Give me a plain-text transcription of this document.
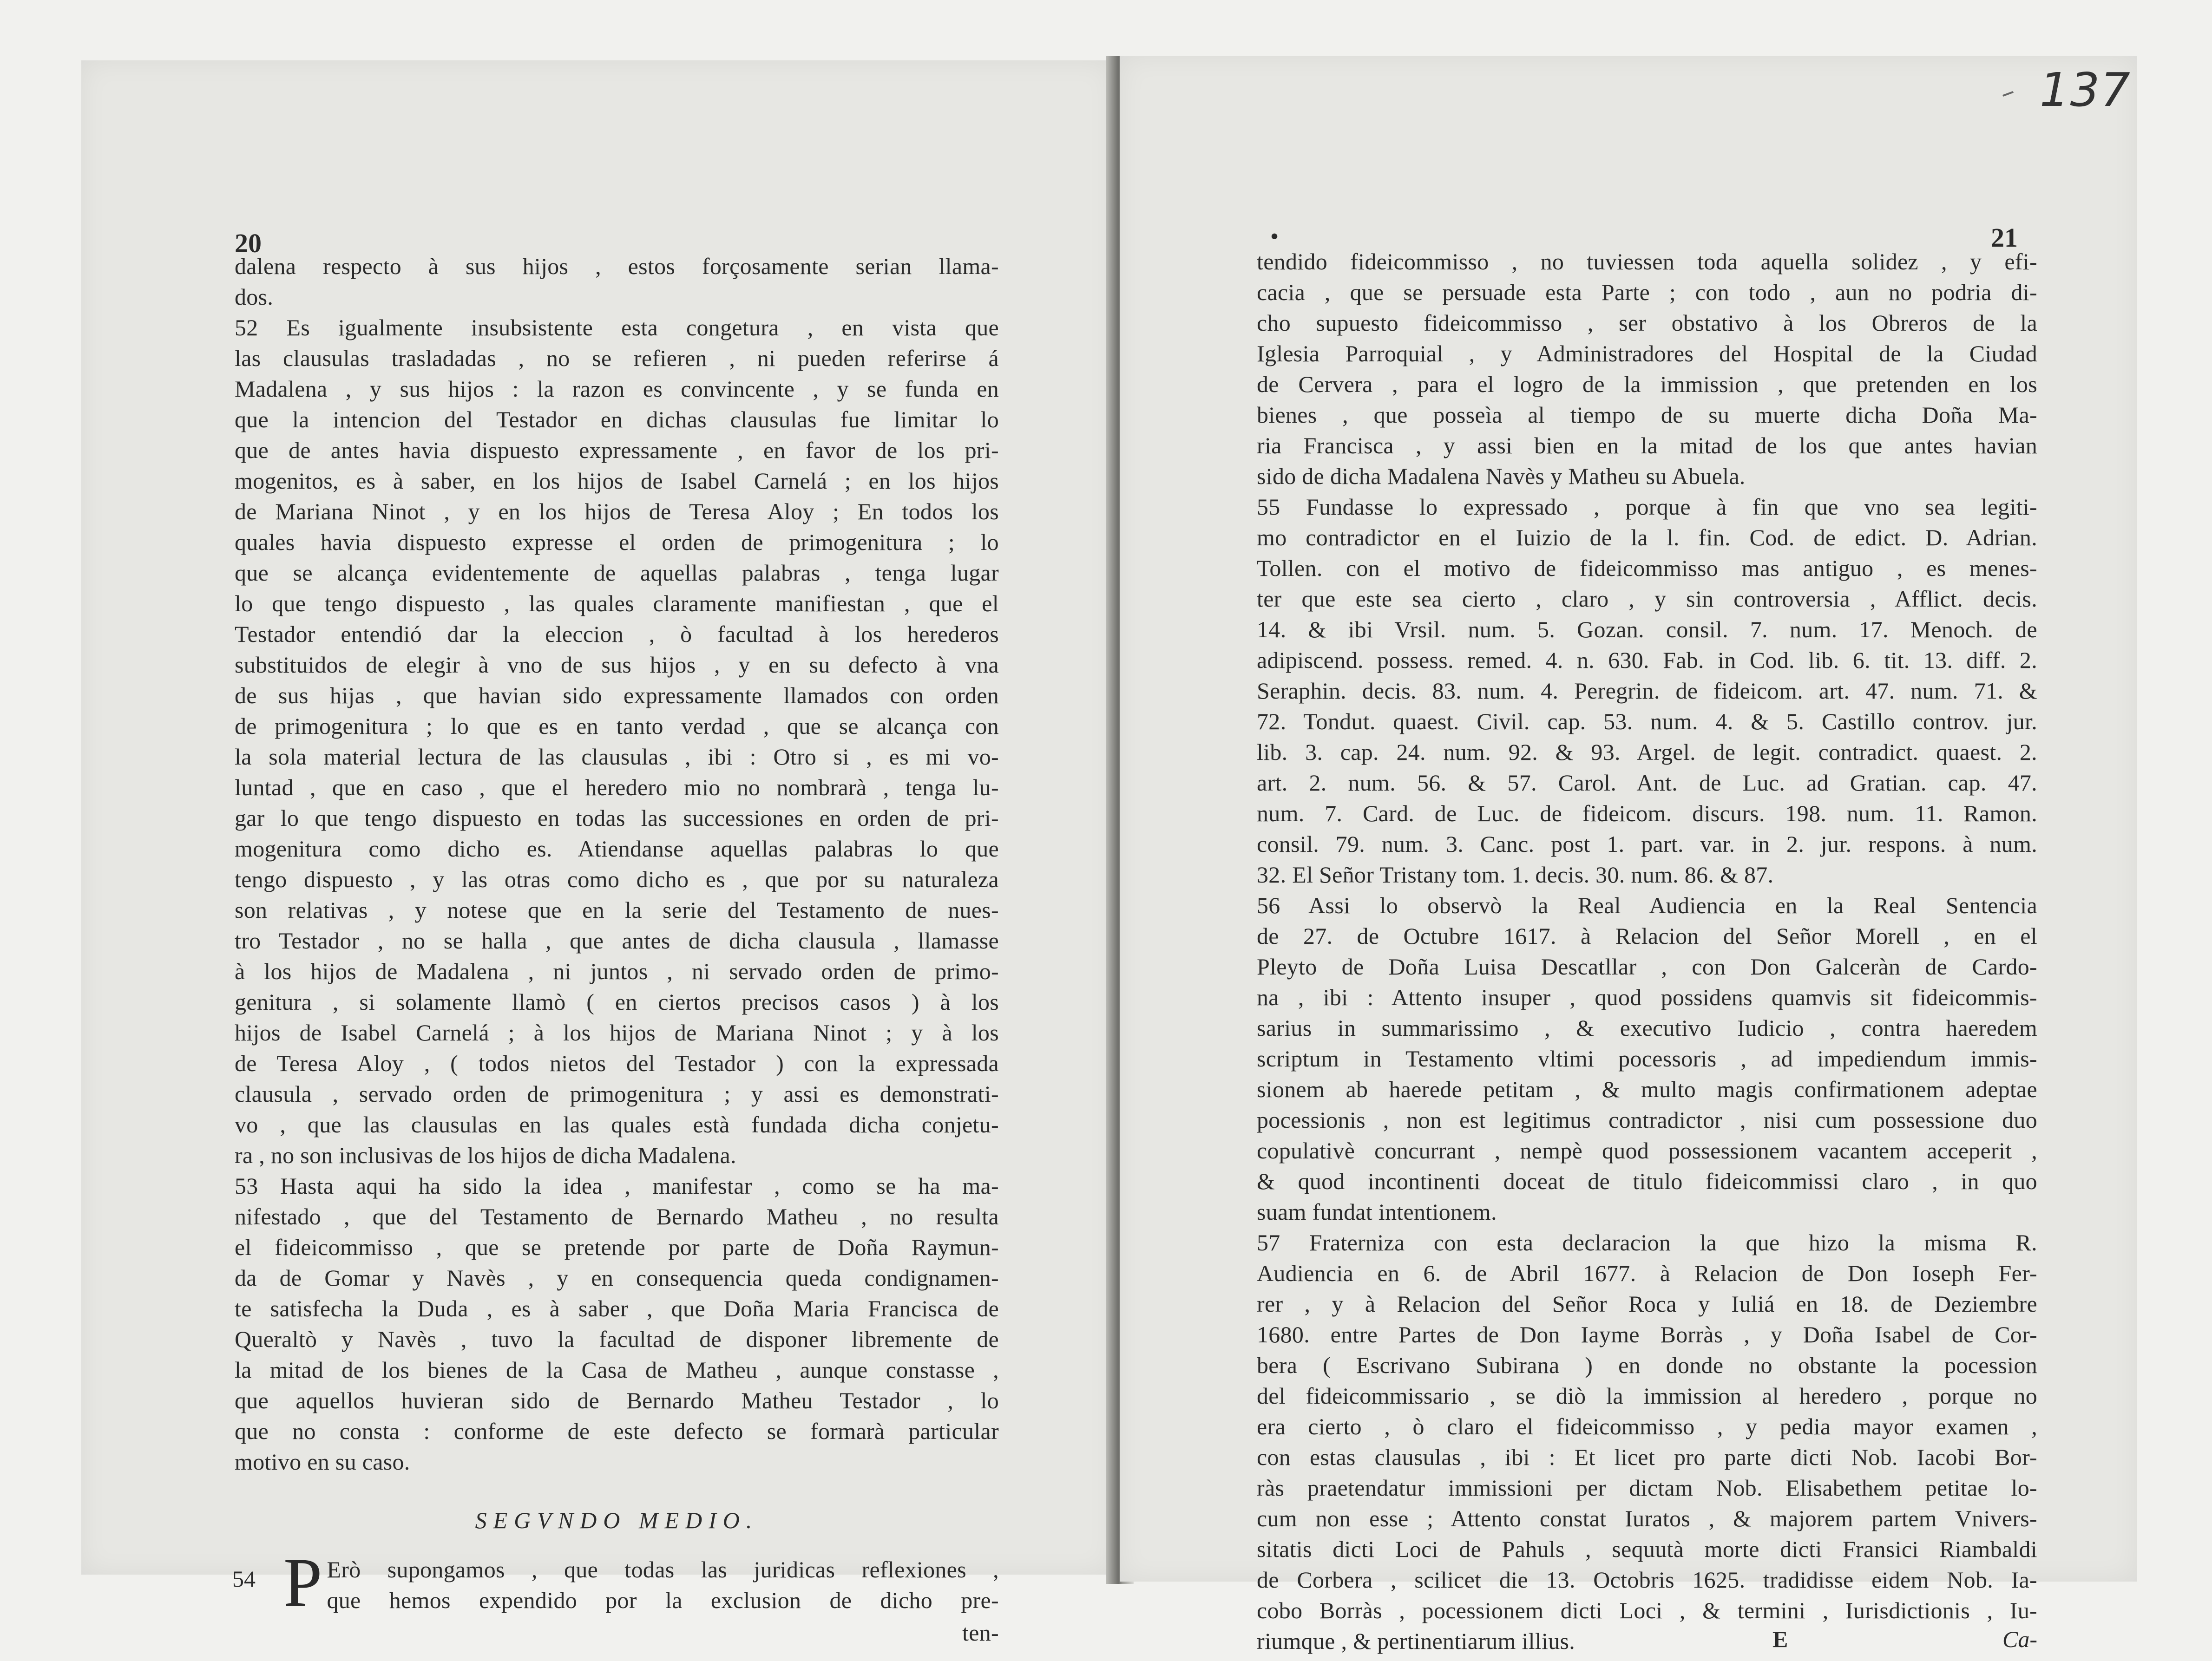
137
20	21
•
dalena respecto à sus hijos , estos forçosamente serian llama-
dos.
52 Es igualmente insubsistente esta congetura , en vista que
las clausulas trasladadas , no se refieren , ni pueden referirse á
Madalena , y sus hijos : la razon es convincente , y se funda en
que la intencion del Testador en dichas clausulas fue limitar lo
que de antes havia dispuesto expressamente , en favor de los pri-
mogenitos, es à saber, en los hijos de Isabel Carnelá ; en los hijos
de Mariana Ninot , y en los hijos de Teresa Aloy ; En todos los
quales havia dispuesto expresse el orden de primogenitura ; lo
que se alcança evidentemente de aquellas palabras , tenga lugar
lo que tengo dispuesto , las quales claramente manifiestan , que el
Testador entendió dar la eleccion , ò facultad à los herederos
substituidos de elegir à vno de sus hijos , y en su defecto à vna
de sus hijas , que havian sido expressamente llamados con orden
de primogenitura ; lo que es en tanto verdad , que se alcança con
la sola material lectura de las clausulas , ibi : Otro si , es mi vo-
luntad , que en caso , que el heredero mio no nombrarà , tenga lu-
gar lo que tengo dispuesto en todas las successiones en orden de pri-
mogenitura como dicho es. Atiendanse aquellas palabras lo que
tengo dispuesto , y las otras como dicho es , que por su naturaleza
son relativas , y notese que en la serie del Testamento de nues-
tro Testador , no se halla , que antes de dicha clausula , llamasse
à los hijos de Madalena , ni juntos , ni servado orden de primo-
genitura , si solamente llamò ( en ciertos precisos casos ) à los
hijos de Isabel Carnelá ; à los hijos de Mariana Ninot ; y à los
de Teresa Aloy , ( todos nietos del Testador ) con la expressada
clausula , servado orden de primogenitura ; y assi es demonstrati-
vo , que las clausulas en las quales està fundada dicha conjetu-
ra , no son inclusivas de los hijos de dicha Madalena.
53 Hasta aqui ha sido la idea , manifestar , como se ha ma-
nifestado , que del Testamento de Bernardo Matheu , no resulta
el fideicommisso , que se pretende por parte de Doña Raymun-
da de Gomar y Navès , y en consequencia queda condignamen-
te satisfecha la Duda , es à saber , que Doña Maria Francisca de
Queraltò y Navès , tuvo la facultad de disponer libremente de
la mitad de los bienes de la Casa de Matheu , aunque constasse ,
que aquellos huvieran sido de Bernardo Matheu Testador , lo
que no consta : conforme de este defecto se formarà particular
motivo en su caso.
SEGVNDO MEDIO.
54 P Erò supongamos , que todas las juridicas reflexiones ,
que hemos expendido por la exclusion de dicho pre-
ten-
tendido fideicommisso , no tuviessen toda aquella solidez , y efi-
cacia , que se persuade esta Parte ; con todo , aun no podria di-
cho supuesto fideicommisso , ser obstativo à los Obreros de la
Iglesia Parroquial , y Administradores del Hospital de la Ciudad
de Cervera , para el logro de la immission , que pretenden en los
bienes , que posseìa al tiempo de su muerte dicha Doña Ma-
ria Francisca , y assi bien en la mitad de los que antes havian
sido de dicha Madalena Navès y Matheu su Abuela.
55 Fundasse lo expressado , porque à fin que vno sea legiti-
mo contradictor en el Iuizio de la l. fin. Cod. de edict. D. Adrian.
Tollen. con el motivo de fideicommisso mas antiguo , es menes-
ter que este sea cierto , claro , y sin controversia , Afflict. decis.
14. & ibi Vrsil. num. 5. Gozan. consil. 7. num. 17. Menoch. de
adipiscend. possess. remed. 4. n. 630. Fab. in Cod. lib. 6. tit. 13. diff. 2.
Seraphin. decis. 83. num. 4. Peregrin. de fideicom. art. 47. num. 71. &
72. Tondut. quaest. Civil. cap. 53. num. 4. & 5. Castillo controv. jur.
lib. 3. cap. 24. num. 92. & 93. Argel. de legit. contradict. quaest. 2.
art. 2. num. 56. & 57. Carol. Ant. de Luc. ad Gratian. cap. 47.
num. 7. Card. de Luc. de fideicom. discurs. 198. num. 11. Ramon.
consil. 79. num. 3. Canc. post 1. part. var. in 2. jur. respons. à num.
32. El Señor Tristany tom. 1. decis. 30. num. 86. & 87.
56 Assi lo observò la Real Audiencia en la Real Sentencia
de 27. de Octubre 1617. à Relacion del Señor Morell , en el
Pleyto de Doña Luisa Descatllar , con Don Galceràn de Cardo-
na , ibi : Attento insuper , quod possidens quamvis sit fideicommis-
sarius in summarissimo , & executivo Iudicio , contra haeredem
scriptum in Testamento vltimi pocessoris , ad impediendum immis-
sionem ab haerede petitam , & multo magis confirmationem adeptae
pocessionis , non est legitimus contradictor , nisi cum possessione duo
copulativè concurrant , nempè quod possessionem vacantem acceperit ,
& quod incontinenti doceat de titulo fideicommissi claro , in quo
suam fundat intentionem.
57 Fraterniza con esta declaracion la que hizo la misma R.
Audiencia en 6. de Abril 1677. à Relacion de Don Ioseph Fer-
rer , y à Relacion del Señor Roca y Iuliá en 18. de Deziembre
1680. entre Partes de Don Iayme Borràs , y Doña Isabel de Cor-
bera ( Escrivano Subirana ) en donde no obstante la pocession
del fideicommissario , se diò la immission al heredero , porque no
era cierto , ò claro el fideicommisso , y pedia mayor examen ,
con estas clausulas , ibi : Et licet pro parte dicti Nob. Iacobi Bor-
ràs praetendatur immissioni per dictam Nob. Elisabethem petitae lo-
cum non esse ; Attento constat Iuratos , & majorem partem Vnivers-
sitatis dicti Loci de Pahuls , sequutà morte dicti Fransici Riambaldi
de Corbera , scilicet die 13. Octobris 1625. tradidisse eidem Nob. Ia-
cobo Borràs , pocessionem dicti Loci , & termini , Iurisdictionis , Iu-
riumque , & pertinentiarum illius.	E	Ca-
